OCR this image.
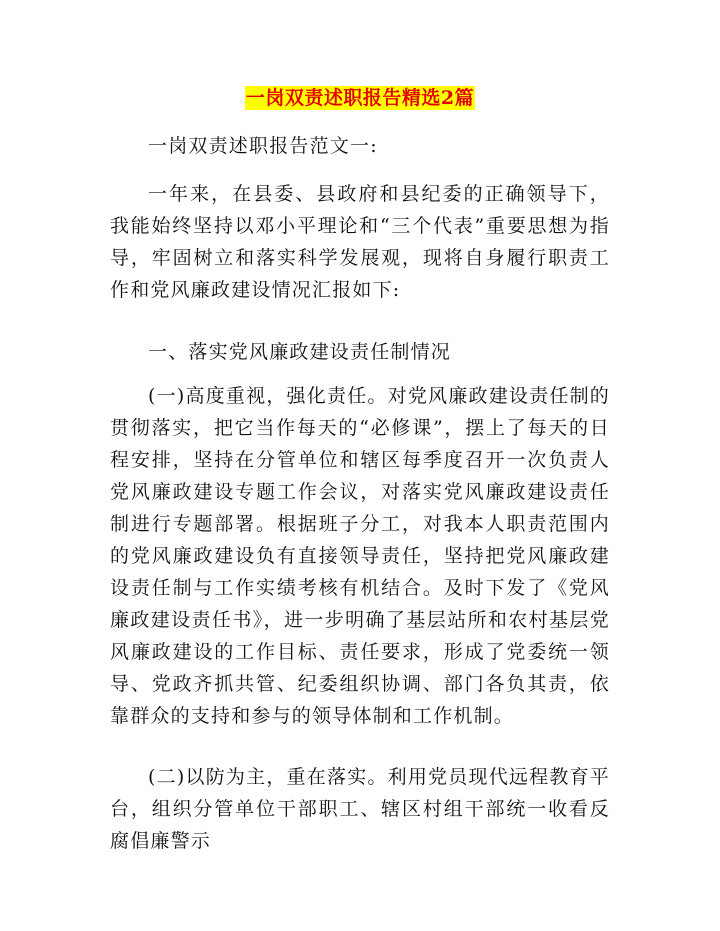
一岗双责述职报告精选2篇

一岗双责述职报告范文一:

一年来，在县委、县政府和县纪委的正确领导下，我能始终坚持以邓小平理论和“三个代表”重要思想为指导，牢固树立和落实科学发展观，现将自身履行职责工作和党风廉政建设情况汇报如下:

一、落实党风廉政建设责任制情况

(一)高度重视，强化责任。对党风廉政建设责任制的贯彻落实，把它当作每天的“必修课”，摆上了每天的日程安排，坚持在分管单位和辖区每季度召开一次负责人党风廉政建设专题工作会议，对落实党风廉政建设责任制进行专题部署。根据班子分工，对我本人职责范围内的党风廉政建设负有直接领导责任，坚持把党风廉政建设责任制与工作实绩考核有机结合。及时下发了《党风廉政建设责任书》，进一步明确了基层站所和农村基层党风廉政建设的工作目标、责任要求，形成了党委统一领导、党政齐抓共管、纪委组织协调、部门各负其责，依靠群众的支持和参与的领导体制和工作机制。

(二)以防为主，重在落实。利用党员现代远程教育平台，组织分管单位干部职工、辖区村组干部统一收看反腐倡廉警示
